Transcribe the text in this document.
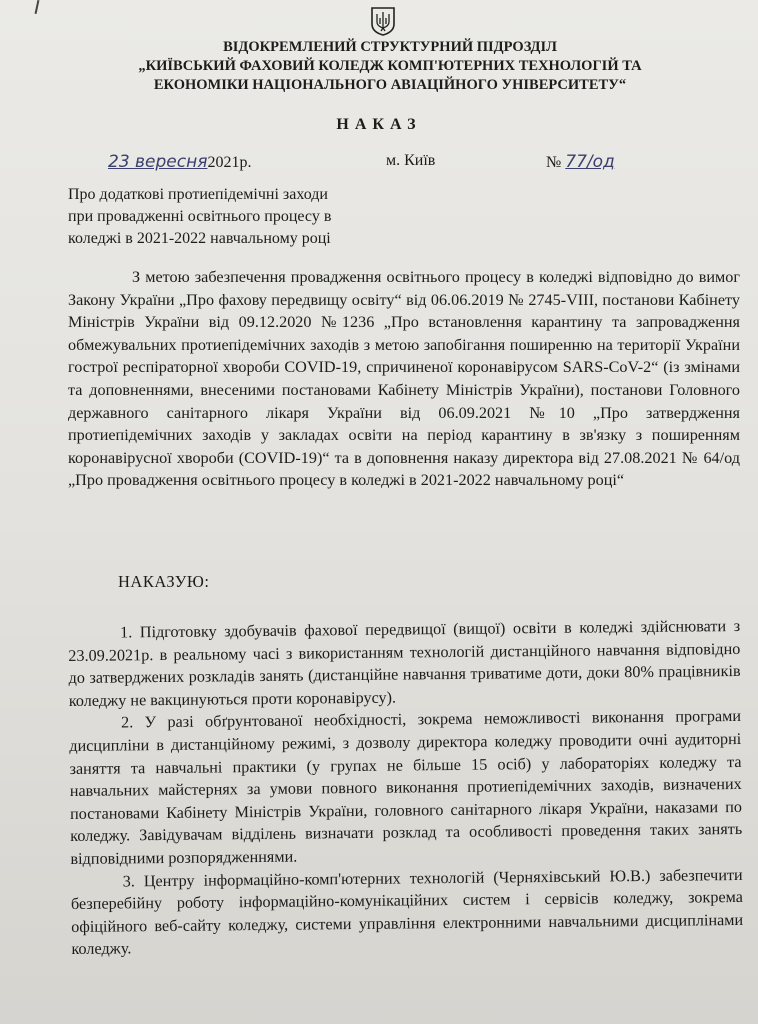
ВІДОКРЕМЛЕНИЙ СТРУКТУРНИЙ ПІДРОЗДІЛ
„КИЇВСЬКИЙ ФАХОВИЙ КОЛЕДЖ КОМП'ЮТЕРНИХ ТЕХНОЛОГІЙ ТА
ЕКОНОМІКИ НАЦІОНАЛЬНОГО АВІАЦІЙНОГО УНІВЕРСИТЕТУ“
НАКАЗ
23 вересня2021р.	м. Київ	№ 77/од
Про додаткові протиепідемічні заходи
при провадженні освітнього процесу в
коледжі в 2021-2022 навчальному році
З метою забезпечення провадження освітнього процесу в коледжі відповідно до вимог Закону України „Про фахову передвищу освіту“ від 06.06.2019 № 2745-VIII, постанови Кабінету Міністрів України від 09.12.2020 №1236 „Про встановлення карантину та запровадження обмежувальних протиепідемічних заходів з метою запобігання поширенню на території України гострої респіраторної хвороби COVID-19, спричиненої коронавірусом SARS-CoV-2“ (із змінами та доповненнями, внесеними постановами Кабінету Міністрів України), постанови Головного державного санітарного лікаря України від 06.09.2021 №10 „Про затвердження протиепідемічних заходів у закладах освіти на період карантину в зв'язку з поширенням коронавірусної хвороби (COVID-19)“ та в доповнення наказу директора від 27.08.2021 № 64/од „Про провадження освітнього процесу в коледжі в 2021-2022 навчальному році“
НАКАЗУЮ:

1. Підготовку здобувачів фахової передвищої (вищої) освіти в коледжі здійснювати з 23.09.2021р. в реальному часі з використанням технологій дистанційного навчання відповідно до затверджених розкладів занять (дистанційне навчання триватиме доти, доки 80% працівників коледжу не вакцинуються проти коронавірусу).

2. У разі обґрунтованої необхідності, зокрема неможливості виконання програми дисципліни в дистанційному режимі, з дозволу директора коледжу проводити очні аудиторні заняття та навчальні практики (у групах не більше 15 осіб) у лабораторіях коледжу та навчальних майстернях за умови повного виконання протиепідемічних заходів, визначених постановами Кабінету Міністрів України, головного санітарного лікаря України, наказами по коледжу. Завідувачам відділень визначати розклад та особливості проведення таких занять відповідними розпорядженнями.

3. Центру інформаційно-комп'ютерних технологій (Черняхівський Ю.В.) забезпечити безперебійну роботу інформаційно-комунікаційних систем і сервісів коледжу, зокрема офіційного веб-сайту коледжу, системи управління електронними навчальними дисциплінами коледжу.
